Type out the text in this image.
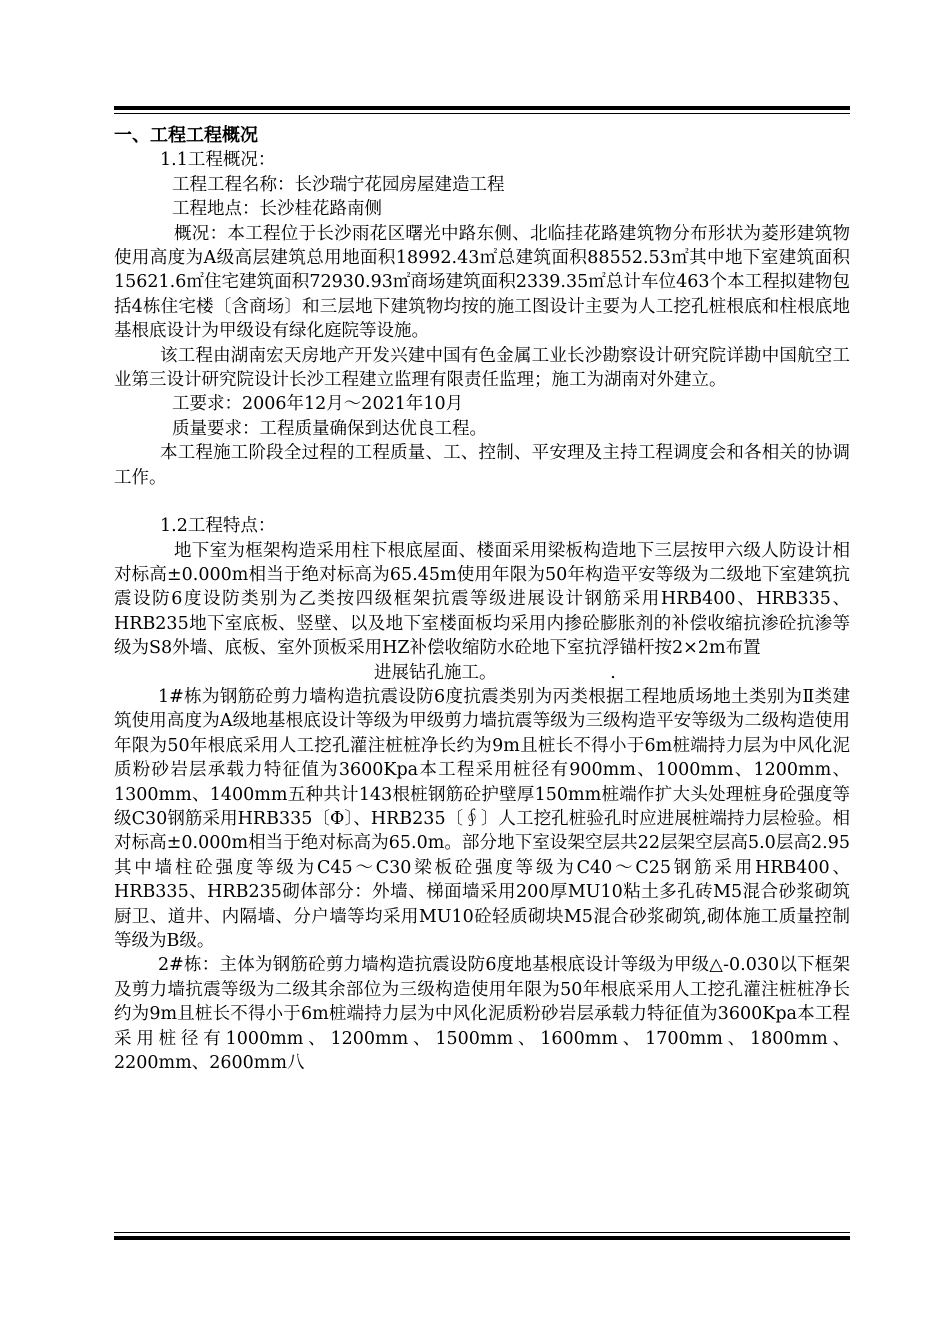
一、工程工程概况

1.1工程概况：

工程工程名称：长沙瑞宁花园房屋建造工程

工程地点：长沙桂花路南侧

概况：本工程位于长沙雨花区曙光中路东侧、北临挂花路建筑物分布形状为菱形建筑物使用高度为A级高层建筑总用地面积18992.43㎡总建筑面积88552.53㎡其中地下室建筑面积15621.6㎡住宅建筑面积72930.93㎡商场建筑面积2339.35㎡总计车位463个本工程拟建物包括4栋住宅楼〔含商场〕和三层地下建筑物均按的施工图设计主要为人工挖孔桩根底和柱根底地基根底设计为甲级设有绿化庭院等设施。

该工程由湖南宏天房地产开发兴建中国有色金属工业长沙勘察设计研究院详勘中国航空工业第三设计研究院设计长沙工程建立监理有限责任监理；施工为湖南对外建立。

工要求：2006年12月～2021年10月

质量要求：工程质量确保到达优良工程。

本工程施工阶段全过程的工程质量、工、控制、平安理及主持工程调度会和各相关的协调工作。

1.2工程特点：

地下室为框架构造采用柱下根底屋面、楼面采用梁板构造地下三层按甲六级人防设计相对标高±0.000m相当于绝对标高为65.45m使用年限为50年构造平安等级为二级地下室建筑抗震设防6度设防类别为乙类按四级框架抗震等级进展设计钢筋采用HRB400、HRB335、HRB235地下室底板、竖壁、以及地下室楼面板均采用内掺砼膨胀剂的补偿收缩抗渗砼抗渗等级为S8外墙、底板、室外顶板采用HZ补偿收缩防水砼地下室抗浮锚杆按2×2m布置

进展钻孔施工。　　　　　　　.

1#栋为钢筋砼剪力墙构造抗震设防6度抗震类别为丙类根据工程地质场地土类别为Ⅱ类建筑使用高度为A级地基根底设计等级为甲级剪力墙抗震等级为三级构造平安等级为二级构造使用年限为50年根底采用人工挖孔灌注桩桩净长约为9m且桩长不得小于6m桩端持力层为中风化泥质粉砂岩层承载力特征值为3600Kpa本工程采用桩径有900mm、1000mm、1200mm、1300mm、1400mm五种共计143根桩钢筋砼护壁厚150mm桩端作扩大头处理桩身砼强度等级C30钢筋采用HRB335〔Φ〕、HRB235〔∮〕人工挖孔桩验孔时应进展桩端持力层检验。相对标高±0.000m相当于绝对标高为65.0m。部分地下室设架空层共22层架空层高5.0层高2.95其中墙柱砼强度等级为C45～C30梁板砼强度等级为C40～C25钢筋采用HRB400、HRB335、HRB235砌体部分：外墙、梯面墙采用200厚MU10粘土多孔砖M5混合砂浆砌筑厨卫、道井、内隔墙、分户墙等均采用MU10砼轻质砌块M5混合砂浆砌筑,砌体施工质量控制等级为B级。

2#栋：主体为钢筋砼剪力墙构造抗震设防6度地基根底设计等级为甲级△-0.030以下框架及剪力墙抗震等级为二级其余部位为三级构造使用年限为50年根底采用人工挖孔灌注桩桩净长约为9m且桩长不得小于6m桩端持力层为中风化泥质粉砂岩层承载力特征值为3600Kpa本工程采用桩径有1000mm、1200mm、1500mm、1600mm、1700mm、1800mm、2200mm、2600mm八
